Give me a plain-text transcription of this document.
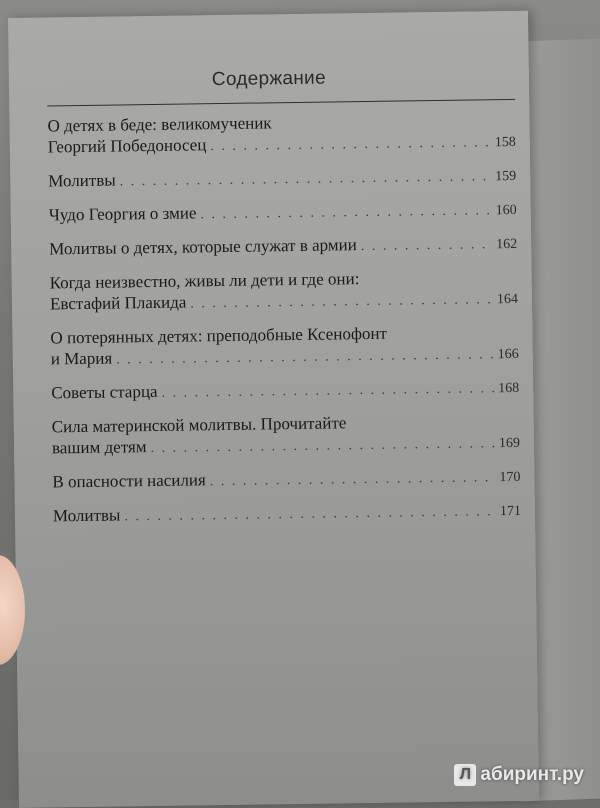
Содержание
О детях в беде: великомученик
Георгий Победоносец . . .	158
Молитвы . . .	159
Чудо Георгия о змие . . .	160
Молитвы о детях, которые служат в армии . . .	162
Когда неизвестно, живы ли дети и где они:
Евстафий Плакида . . .	164
О потерянных детях: преподобные Ксенофонт
и Мария . . .	166
Советы старца . . .	168
Сила материнской молитвы. Прочитайте
вашим детям . . .	169
В опасности насилия . . .	170
Молитвы . . .	171
Л абиринт.ру
